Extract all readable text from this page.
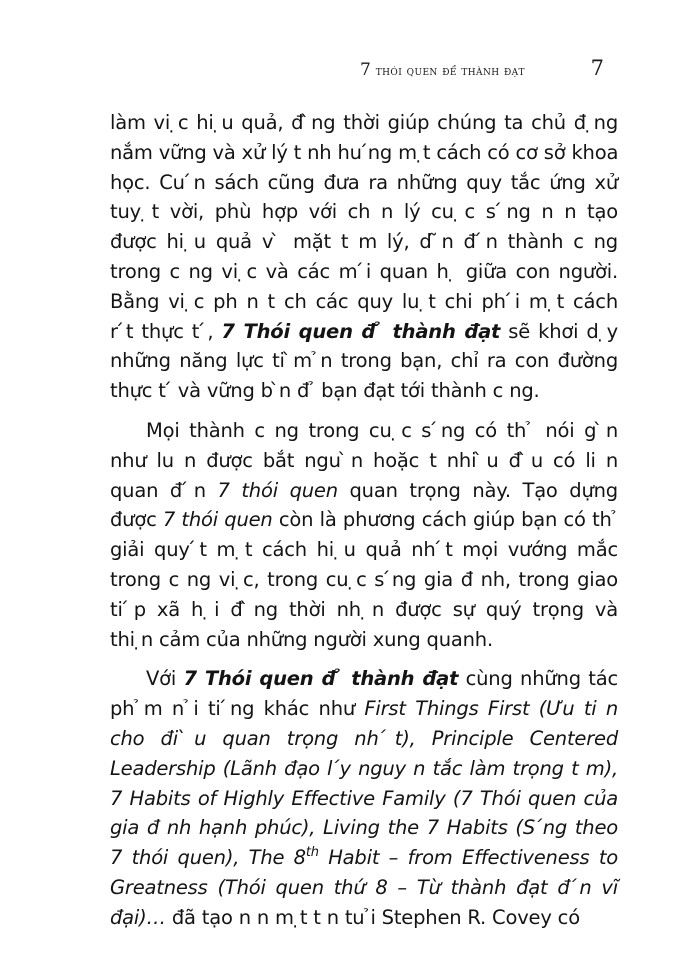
7 thói quen để thành đạt	7
làm vi ̣c hi ̣u quả, đ ̀ng thời giúp chúng ta chủ đ ̣ng
nắm vững và xử lý t nh hu ́ng m ̣t cách có cơ sở khoa
học. Cu ́n sách cũng đưa ra những quy tắc ứng xử
tuy ̣t vời, phù hợp với ch n lý cu ̣c s ́ng n n tạo
được hi ̣u quả v ̀ mặt t m lý, d ̃n đ ́n thành c ng
trong c ng vi ̣c và các m ́i quan h ̣ giữa con người.
Bằng vi ̣c ph n t ch các quy lu ̣t chi ph ́i m ̣t cách
r ́t thực t ́, 7 Thói quen đ ̉ thành đạt sẽ khơi d ̣y
những năng lực ti ̀m ̉n trong bạn, chỉ ra con đường
thực t ́ và vững b ̀n đ ̉ bạn đạt tới thành c ng.
Mọi thành c ng trong cu ̣c s ́ng có th ̉ nói g ̀n
như lu n được bắt ngu ̀n hoặc t nhi ̀u đ ̀u có li n
quan đ ́n 7 thói quen quan trọng này. Tạo dựng
được 7 thói quen còn là phương cách giúp bạn có th ̉
giải quy ́t m ̣t cách hi ̣u quả nh ́t mọi vướng mắc
trong c ng vi ̣c, trong cu ̣c s ́ng gia đ nh, trong giao
ti ́p xã h ̣i đ ̀ng thời nh ̣n được sự quý trọng và
thi ̣n cảm của những người xung quanh.
Với 7 Thói quen đ ̉ thành đạt cùng những tác
ph ̉m n ̉i ti ́ng khác như First Things First (Ưu ti n
cho đi ̀u quan trọng nh ́t), Principle Centered
Leadership (Lãnh đạo l ́y nguy n tắc làm trọng t m),
7 Habits of Highly Effective Family (7 Thói quen của
gia đ nh hạnh phúc), Living the 7 Habits (S ́ng theo
7 thói quen), The 8th Habit – from Effectiveness to
Greatness (Thói quen thứ 8 – Từ thành đạt đ ́n vĩ
đại)… đã tạo n n m ̣t t n tu ̉i Stephen R. Covey có
